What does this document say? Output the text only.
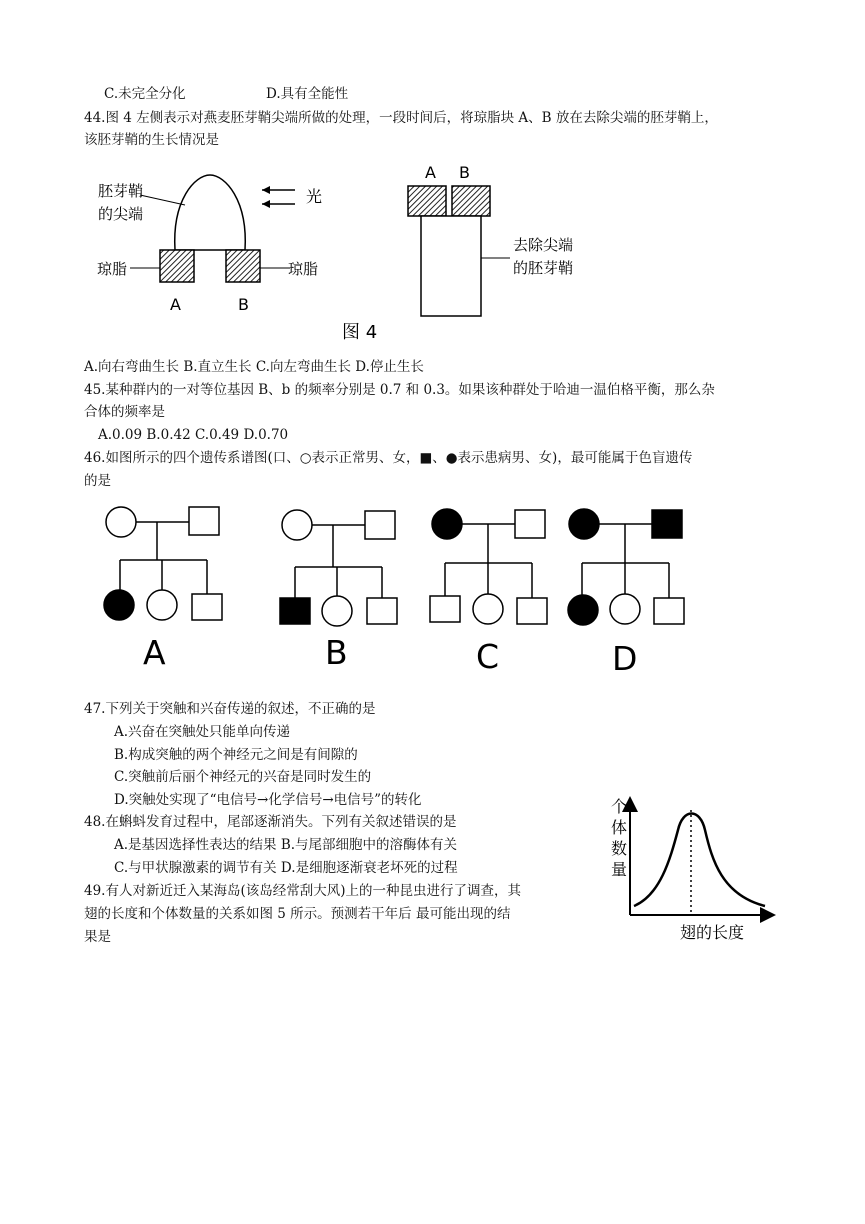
C.未完全分化	D.具有全能性
44.图 4 左侧表示对燕麦胚芽鞘尖端所做的处理，一段时间后，将琼脂块 A、B 放在去除尖端的胚芽鞘上，
该胚芽鞘的生长情况是
胚芽鞘
的尖端
光
琼脂	琼脂
A	B
A B
去除尖端
的胚芽鞘
图 4
A.向右弯曲生长 B.直立生长 C.向左弯曲生长 D.停止生长
45.某种群内的一对等位基因 B、b 的频率分别是 0.7 和 0.3。如果该种群处于哈迪一温伯格平衡，那么杂
合体的频率是
A.0.09 B.0.42 C.0.49 D.0.70
46.如图所示的四个遗传系谱图(口、○表示正常男、女，■、●表示患病男、女)，最可能属于色盲遗传
的是
A	B	C	D
47.下列关于突触和兴奋传递的叙述，不正确的是
A.兴奋在突触处只能单向传递
B.构成突触的两个神经元之间是有间隙的
C.突触前后丽个神经元的兴奋是同时发生的
D.突触处实现了“电信号→化学信号→电信号”的转化
48.在蝌蚪发育过程中，尾部逐渐消失。下列有关叙述错误的是
A.是基因选择性表达的结果 B.与尾部细胞中的溶酶体有关
C.与甲状腺激素的调节有关 D.是细胞逐渐衰老坏死的过程
49.有人对新近迁入某海岛(该岛经常刮大风)上的一种昆虫进行了调查，其
翅的长度和个体数量的关系如图 5 所示。预测若干年后 最可能出现的结
果是
个
体
数
量
翅的长度
